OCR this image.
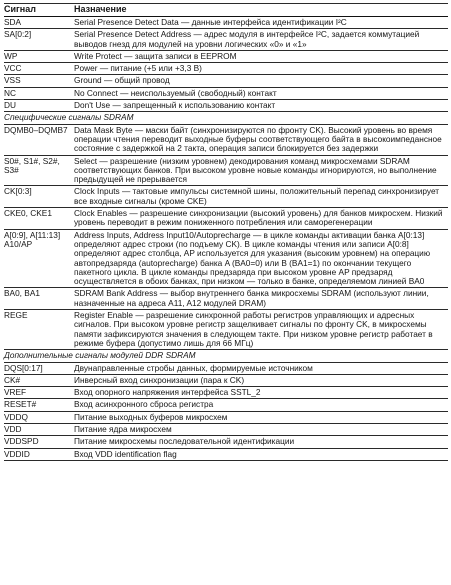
Сигнал	Назначение
SDA	Serial Presence Detect Data — данные интерфейса идентификации I²C
SA[0:2]	Serial Presence Detect Address — адрес модуля в интерфейсе I²C, задается коммутацией выводов гнезд для модулей на уровни логических «0» и «1»
WP	Write Protect — защита записи в EEPROM
VCC	Power — питание (+5 или +3,3 В)
VSS	Ground — общий провод
NC	No Connect — неиспользуемый (свободный) контакт
DU	Don't Use — запрещенный к использованию контакт
Специфические сигналы SDRAM	
DQMB0–DQMB7	Data Mask Byte — маски байт (синхронизируются по фронту CK). Высокий уровень во время операции чтения переводит выходные буферы соответствующего байта в высокоимпедансное состояние с задержкой на 2 такта, операция записи блокируется без задержки
S0#, S1#, S2#, S3#	Select — разрешение (низким уровнем) декодирования команд микросхемами SDRAM соответствующих банков. При высоком уровне новые команды игнорируются, но выполнение предыдущей не прерывается
CK[0:3]	Clock Inputs — тактовые импульсы системной шины, положительный перепад синхронизирует все входные сигналы (кроме CKE)
CKE0, CKE1	Clock Enables — разрешение синхронизации (высокий уровень) для банков микросхем. Низкий уровень переводит в режим пониженного потребления или саморегенерации
A[0:9], A[11:13] A10/AP	Address Inputs, Address Input10/Autoprecharge — в цикле команды активации банка A[0:13] определяют адрес строки (по подъему CK). В цикле команды чтения или записи A[0:8] определяют адрес столбца, AP используется для указания (высоким уровнем) на операцию автопредзаряда (autoprecharge) банка A (BA0=0) или B (BA1=1) по окончании текущего пакетного цикла. В цикле команды предзаряда при высоком уровне AP предзаряд осуществляется в обоих банках, при низком — только в банке, определяемом линией BA0
BA0, BA1	SDRAM Bank Address — выбор внутреннего банка микросхемы SDRAM (используют линии, назначенные на адреса A11, A12 модулей DRAM)
REGE	Register Enable — разрешение синхронной работы регистров управляющих и адресных сигналов. При высоком уровне регистр защелкивает сигналы по фронту CK, в микросхемы памяти зафиксируются значения в следующем такте. При низком уровне регистр работает в режиме буфера (допустимо лишь для 66 МГц)
Дополнительные сигналы модулей DDR SDRAM	
DQS[0:17]	Двунаправленные стробы данных, формируемые источником
CK#	Инверсный вход синхронизации (пара к CK)
VREF	Вход опорного напряжения интерфейса SSTL_2
RESET#	Вход асинхронного сброса регистра
VDDQ	Питание выходных буферов микросхем
VDD	Питание ядра микросхем
VDDSPD	Питание микросхемы последовательной идентификации
VDDID	Вход VDD identification flag
